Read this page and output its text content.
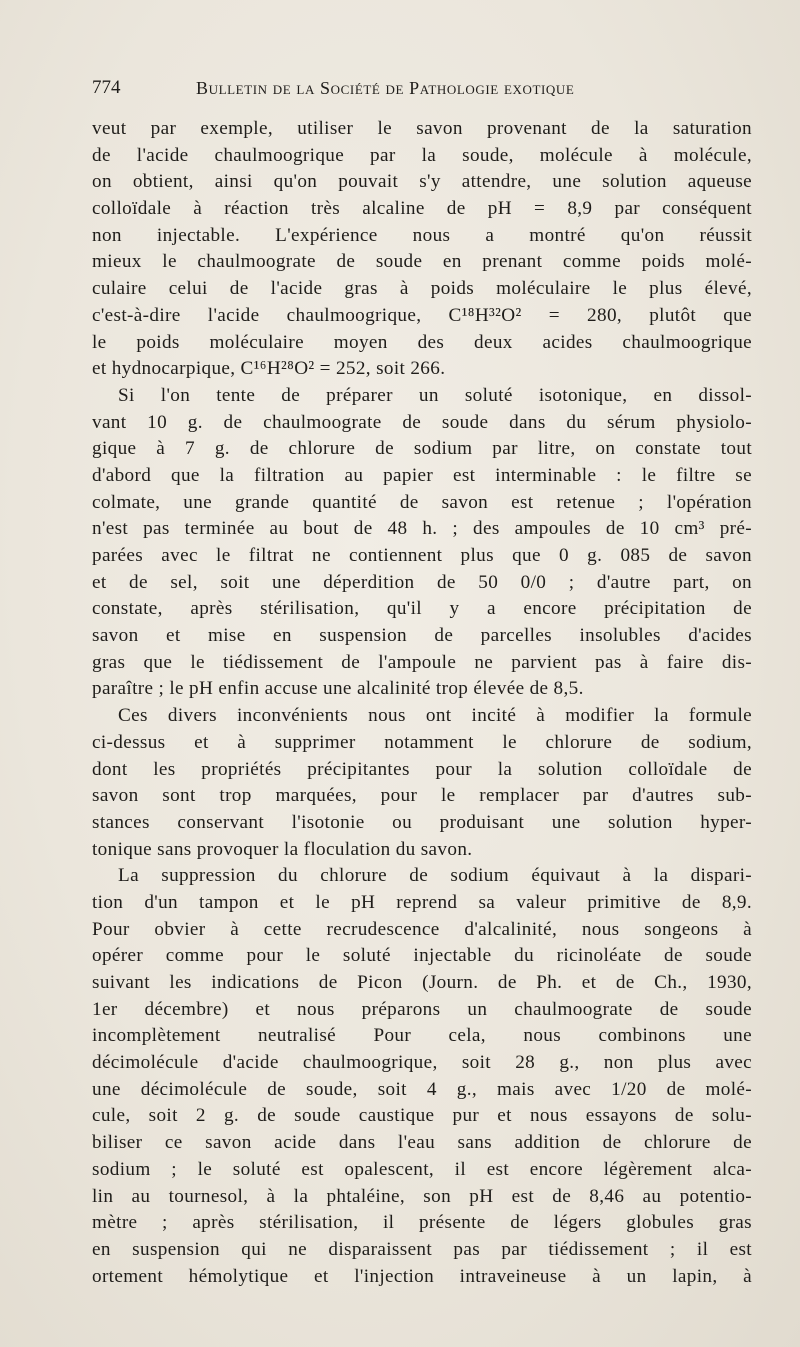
774	Bulletin de la Société de Pathologie exotique
veut par exemple, utiliser le savon provenant de la saturation
de l'acide chaulmoogrique par la soude, molécule à molécule,
on obtient, ainsi qu'on pouvait s'y attendre, une solution aqueuse
colloïdale à réaction très alcaline de pH = 8,9 par conséquent
non injectable. L'expérience nous a montré qu'on réussit
mieux le chaulmoograte de soude en prenant comme poids molé-
culaire celui de l'acide gras à poids moléculaire le plus élevé,
c'est-à-dire l'acide chaulmoogrique, C¹⁸H³²O² = 280, plutôt que
le poids moléculaire moyen des deux acides chaulmoogrique
et hydnocarpique, C¹⁶H²⁸O² = 252, soit 266.
Si l'on tente de préparer un soluté isotonique, en dissol-
vant 10 g. de chaulmoograte de soude dans du sérum physiolo-
gique à 7 g. de chlorure de sodium par litre, on constate tout
d'abord que la filtration au papier est interminable : le filtre se
colmate, une grande quantité de savon est retenue ; l'opération
n'est pas terminée au bout de 48 h. ; des ampoules de 10 cm³ pré-
parées avec le filtrat ne contiennent plus que 0 g. 085 de savon
et de sel, soit une déperdition de 50 0/0 ; d'autre part, on
constate, après stérilisation, qu'il y a encore précipitation de
savon et mise en suspension de parcelles insolubles d'acides
gras que le tiédissement de l'ampoule ne parvient pas à faire dis-
paraître ; le pH enfin accuse une alcalinité trop élevée de 8,5.
Ces divers inconvénients nous ont incité à modifier la formule
ci-dessus et à supprimer notamment le chlorure de sodium,
dont les propriétés précipitantes pour la solution colloïdale de
savon sont trop marquées, pour le remplacer par d'autres sub-
stances conservant l'isotonie ou produisant une solution hyper-
tonique sans provoquer la floculation du savon.
La suppression du chlorure de sodium équivaut à la dispari-
tion d'un tampon et le pH reprend sa valeur primitive de 8,9.
Pour obvier à cette recrudescence d'alcalinité, nous songeons à
opérer comme pour le soluté injectable du ricinoléate de soude
suivant les indications de Picon (Journ. de Ph. et de Ch., 1930,
1er décembre) et nous préparons un chaulmoograte de soude
incomplètement neutralisé Pour cela, nous combinons une
décimolécule d'acide chaulmoogrique, soit 28 g., non plus avec
une décimolécule de soude, soit 4 g., mais avec 1/20 de molé-
cule, soit 2 g. de soude caustique pur et nous essayons de solu-
biliser ce savon acide dans l'eau sans addition de chlorure de
sodium ; le soluté est opalescent, il est encore légèrement alca-
lin au tournesol, à la phtaléine, son pH est de 8,46 au potentio-
mètre ; après stérilisation, il présente de légers globules gras
en suspension qui ne disparaissent pas par tiédissement ; il est
ortement hémolytique et l'injection intraveineuse à un lapin, à
